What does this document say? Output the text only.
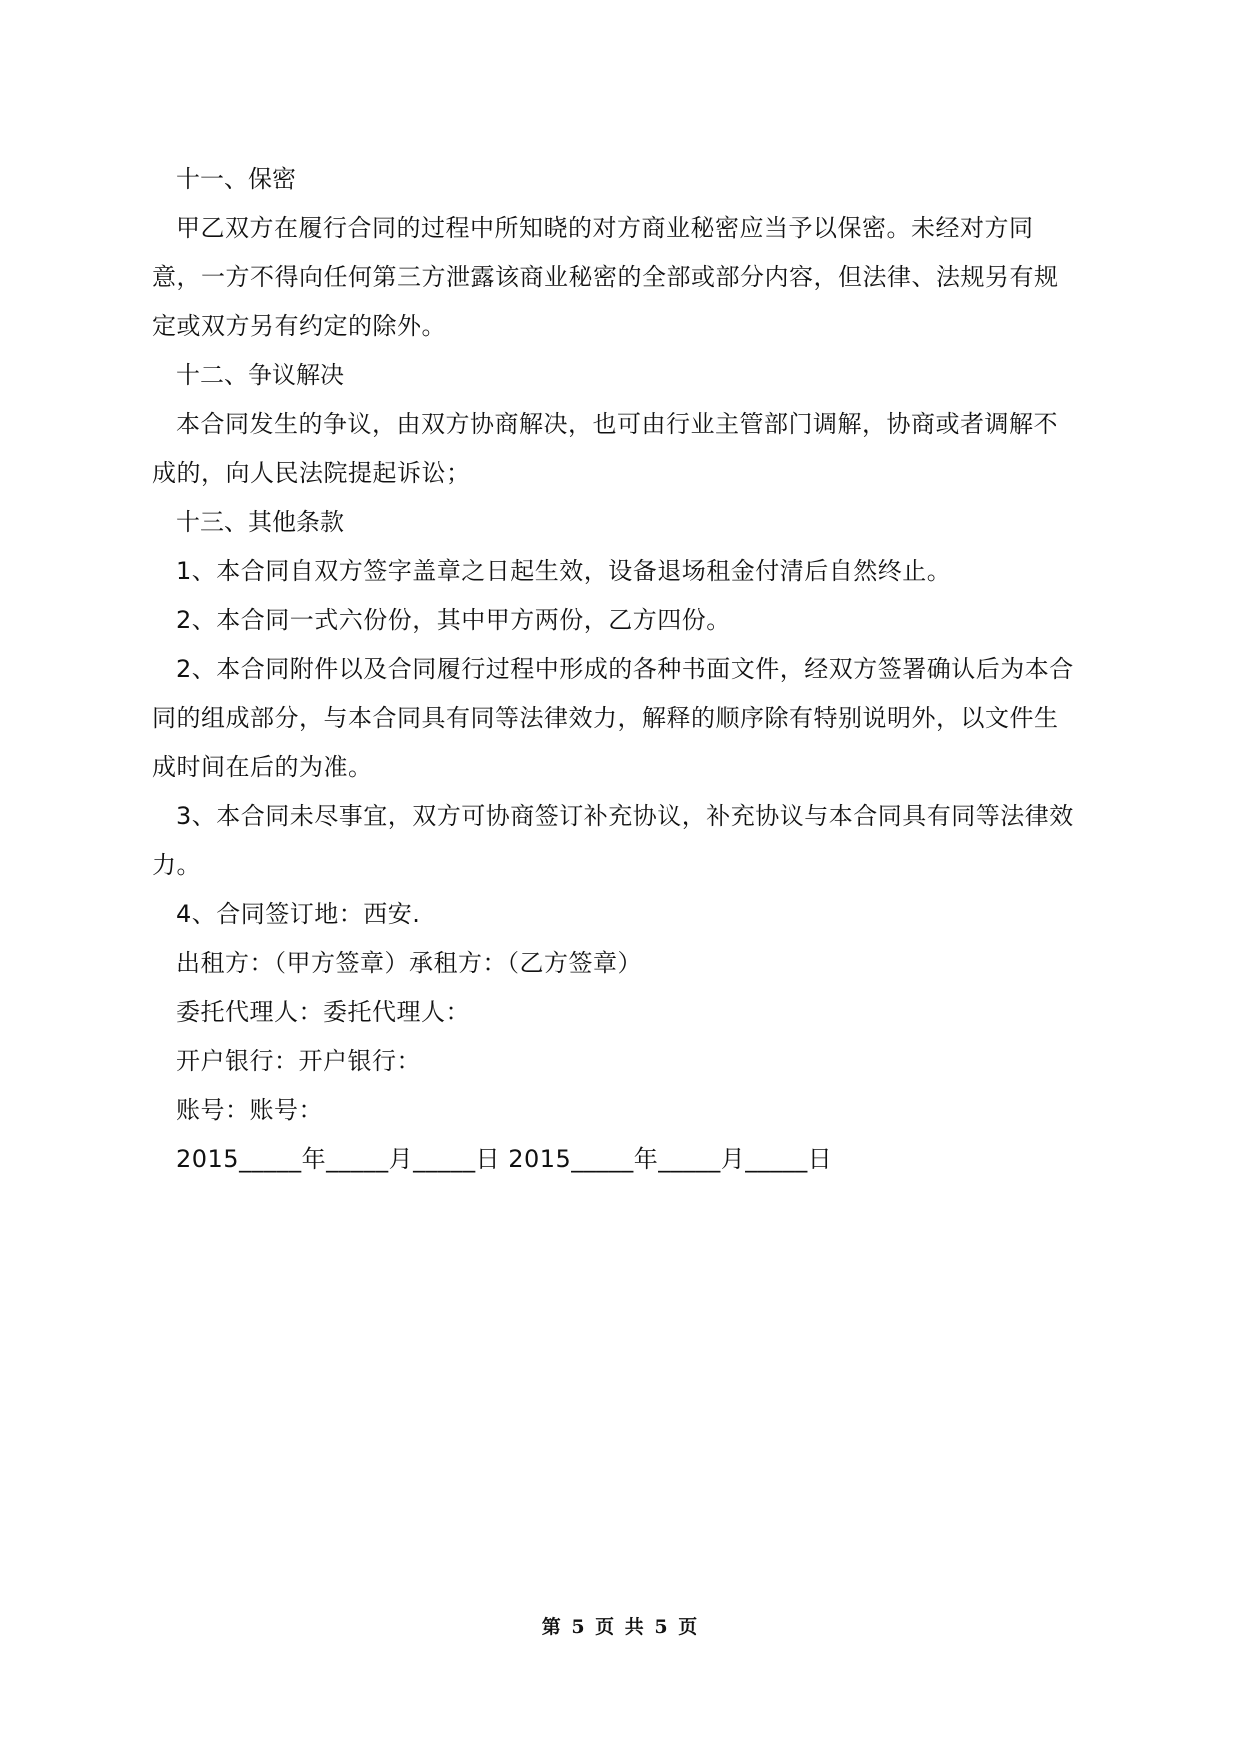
十一、保密

甲乙双方在履行合同的过程中所知晓的对方商业秘密应当予以保密。未经对方同意，一方不得向任何第三方泄露该商业秘密的全部或部分内容，但法律、法规另有规定或双方另有约定的除外。

十二、争议解决

本合同发生的争议，由双方协商解决，也可由行业主管部门调解，协商或者调解不成的，向人民法院提起诉讼；

十三、其他条款

1、本合同自双方签字盖章之日起生效，设备退场租金付清后自然终止。

2、本合同一式六份份，其中甲方两份，乙方四份。

2、本合同附件以及合同履行过程中形成的各种书面文件，经双方签署确认后为本合同的组成部分，与本合同具有同等法律效力，解释的顺序除有特别说明外，以文件生成时间在后的为准。

3、本合同未尽事宜，双方可协商签订补充协议，补充协议与本合同具有同等法律效力。

4、合同签订地：西安.

出租方：（甲方签章）承租方：（乙方签章）

委托代理人：委托代理人：

开户银行：开户银行：

账号：账号：

2015_____年_____月_____日 2015_____年_____月_____日

第 5 页 共 5 页
